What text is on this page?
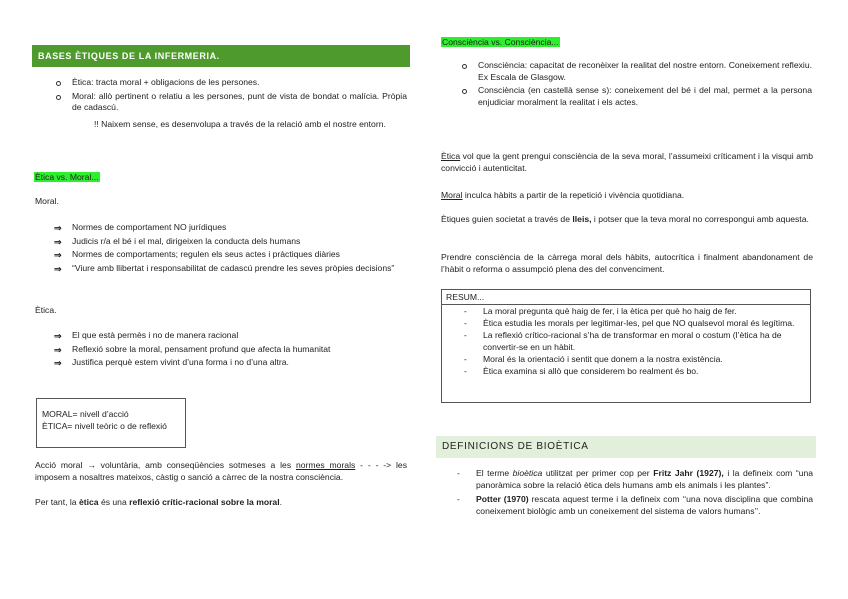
BASES ÈTIQUES DE LA INFERMERIA.
Ètica: tracta moral + obligacions de les persones.
Moral: allò pertinent o relatiu a les persones, punt de vista de bondat o malícia. Pròpia de cadascú.
!! Naixem sense, es desenvolupa a través de la relació amb el nostre entorn.
Ètica vs. Moral...
Moral.
⇒ Normes de comportament NO jurídiques
⇒ Judicis r/a el bé i el mal, dirigeixen la conducta dels humans
⇒ Normes de comportaments; regulen els seus actes i pràctiques diàries
⇒ “Viure amb llibertat i responsabilitat de cadascú prendre les seves pròpies decisions”
Ètica.
⇒ El que està permès i no de manera racional
⇒ Reflexió sobre la moral, pensament profund que afecta la humanitat
⇒ Justifica perquè estem vivint d’una forma i no d’una altra.
MORAL= nivell d’acció
ÈTICA= nivell teòric o de reflexió
Acció moral → voluntària, amb conseqüències sotmeses a les normes morals - - - -> les imposem a nosaltres mateixos, càstig o sanció a càrrec de la nostra consciència.
Per tant, la ètica és una reflexió crític-racional sobre la moral.
Consciència vs. Consciència...
Consciència: capacitat de reconèixer la realitat del nostre entorn. Coneixement reflexiu. Ex Escala de Glasgow.
Consciència (en castellà sense s): coneixement del bé i del mal, permet a la persona enjudiciar moralment la realitat i els actes.
Ètica vol que la gent prengui consciència de la seva moral, l’assumeixi críticament i la visqui amb convicció i autenticitat.
Moral inculca hàbits a partir de la repetició i vivència quotidiana.
Ètiques guien societat a través de lleis, i potser que la teva moral no correspongui amb aquesta.
Prendre consciència de la càrrega moral dels hàbits, autocrítica i finalment abandonament de l’hàbit o reforma o assumpció plena des del convenciment.
RESUM...
- La moral pregunta què haig de fer, i la ètica per què ho haig de fer.
- Ètica estudia les morals per legitimar-les, pel que NO qualsevol moral és legítima.
- La reflexió crítico-racional s’ha de transformar en moral o costum (l’ètica ha de convertir-se en un hàbit.
- Moral és la orientació i sentit que donem a la nostra existència.
- Ètica examina si allò que considerem bo realment és bo.
DEFINICIONS DE BIOÈTICA
- El terme bioètica utilitzat per primer cop per Fritz Jahr (1927), i la defineix com “una panoràmica sobre la relació ètica dels humans amb els animals i les plantes”.
- Potter (1970) rescata aquest terme i la defineix com ‘‘una nova disciplina que combina coneixement biològic amb un coneixement del sistema de valors humans’’.
